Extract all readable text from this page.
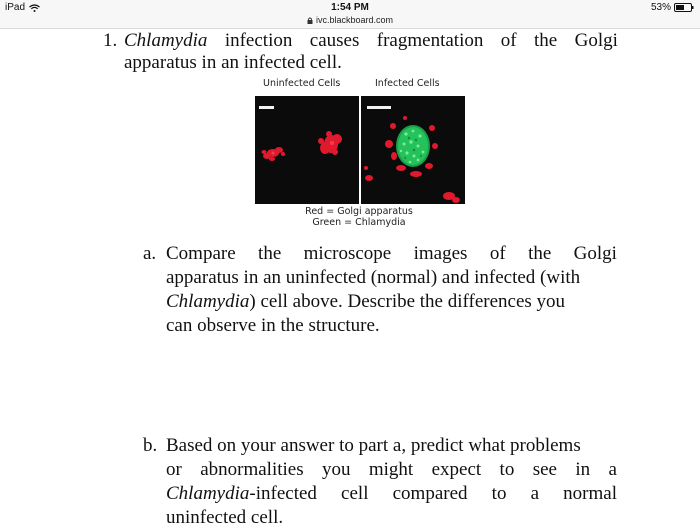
iPad	1:54 PM
ivc.blackboard.com
53%
1. Chlamydia infection causes fragmentation of the Golgi
apparatus in an infected cell.
Uninfected Cells	Infected Cells
Red = Golgi apparatus
Green = Chlamydia
a. Compare the microscope images of the Golgi
apparatus in an uninfected (normal) and infected (with
Chlamydia) cell above. Describe the differences you
can observe in the structure.
b. Based on your answer to part a, predict what problems
or abnormalities you might expect to see in a
Chlamydia-infected cell compared to a normal
uninfected cell.
